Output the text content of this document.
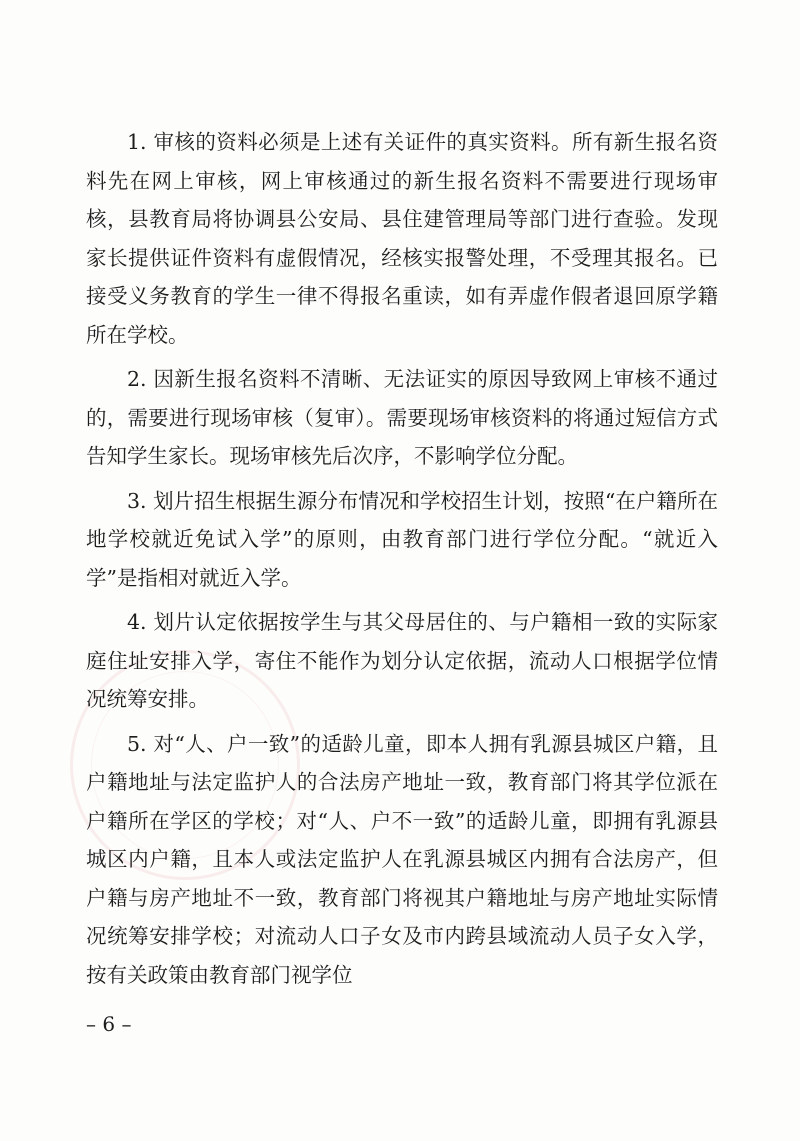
1. 审核的资料必须是上述有关证件的真实资料。所有新生报名资料先在网上审核，网上审核通过的新生报名资料不需要进行现场审核，县教育局将协调县公安局、县住建管理局等部门进行查验。发现家长提供证件资料有虚假情况，经核实报警处理，不受理其报名。已接受义务教育的学生一律不得报名重读，如有弄虚作假者退回原学籍所在学校。

2. 因新生报名资料不清晰、无法证实的原因导致网上审核不通过的，需要进行现场审核（复审）。需要现场审核资料的将通过短信方式告知学生家长。现场审核先后次序，不影响学位分配。

3. 划片招生根据生源分布情况和学校招生计划，按照“在户籍所在地学校就近免试入学”的原则，由教育部门进行学位分配。“就近入学”是指相对就近入学。

4. 划片认定依据按学生与其父母居住的、与户籍相一致的实际家庭住址安排入学，寄住不能作为划分认定依据，流动人口根据学位情况统筹安排。

5. 对“人、户一致”的适龄儿童，即本人拥有乳源县城区户籍，且户籍地址与法定监护人的合法房产地址一致，教育部门将其学位派在户籍所在学区的学校；对“人、户不一致”的适龄儿童，即拥有乳源县城区内户籍，且本人或法定监护人在乳源县城区内拥有合法房产，但户籍与房产地址不一致，教育部门将视其户籍地址与房产地址实际情况统筹安排学校；对流动人口子女及市内跨县域流动人员子女入学，按有关政策由教育部门视学位

– 6 –
